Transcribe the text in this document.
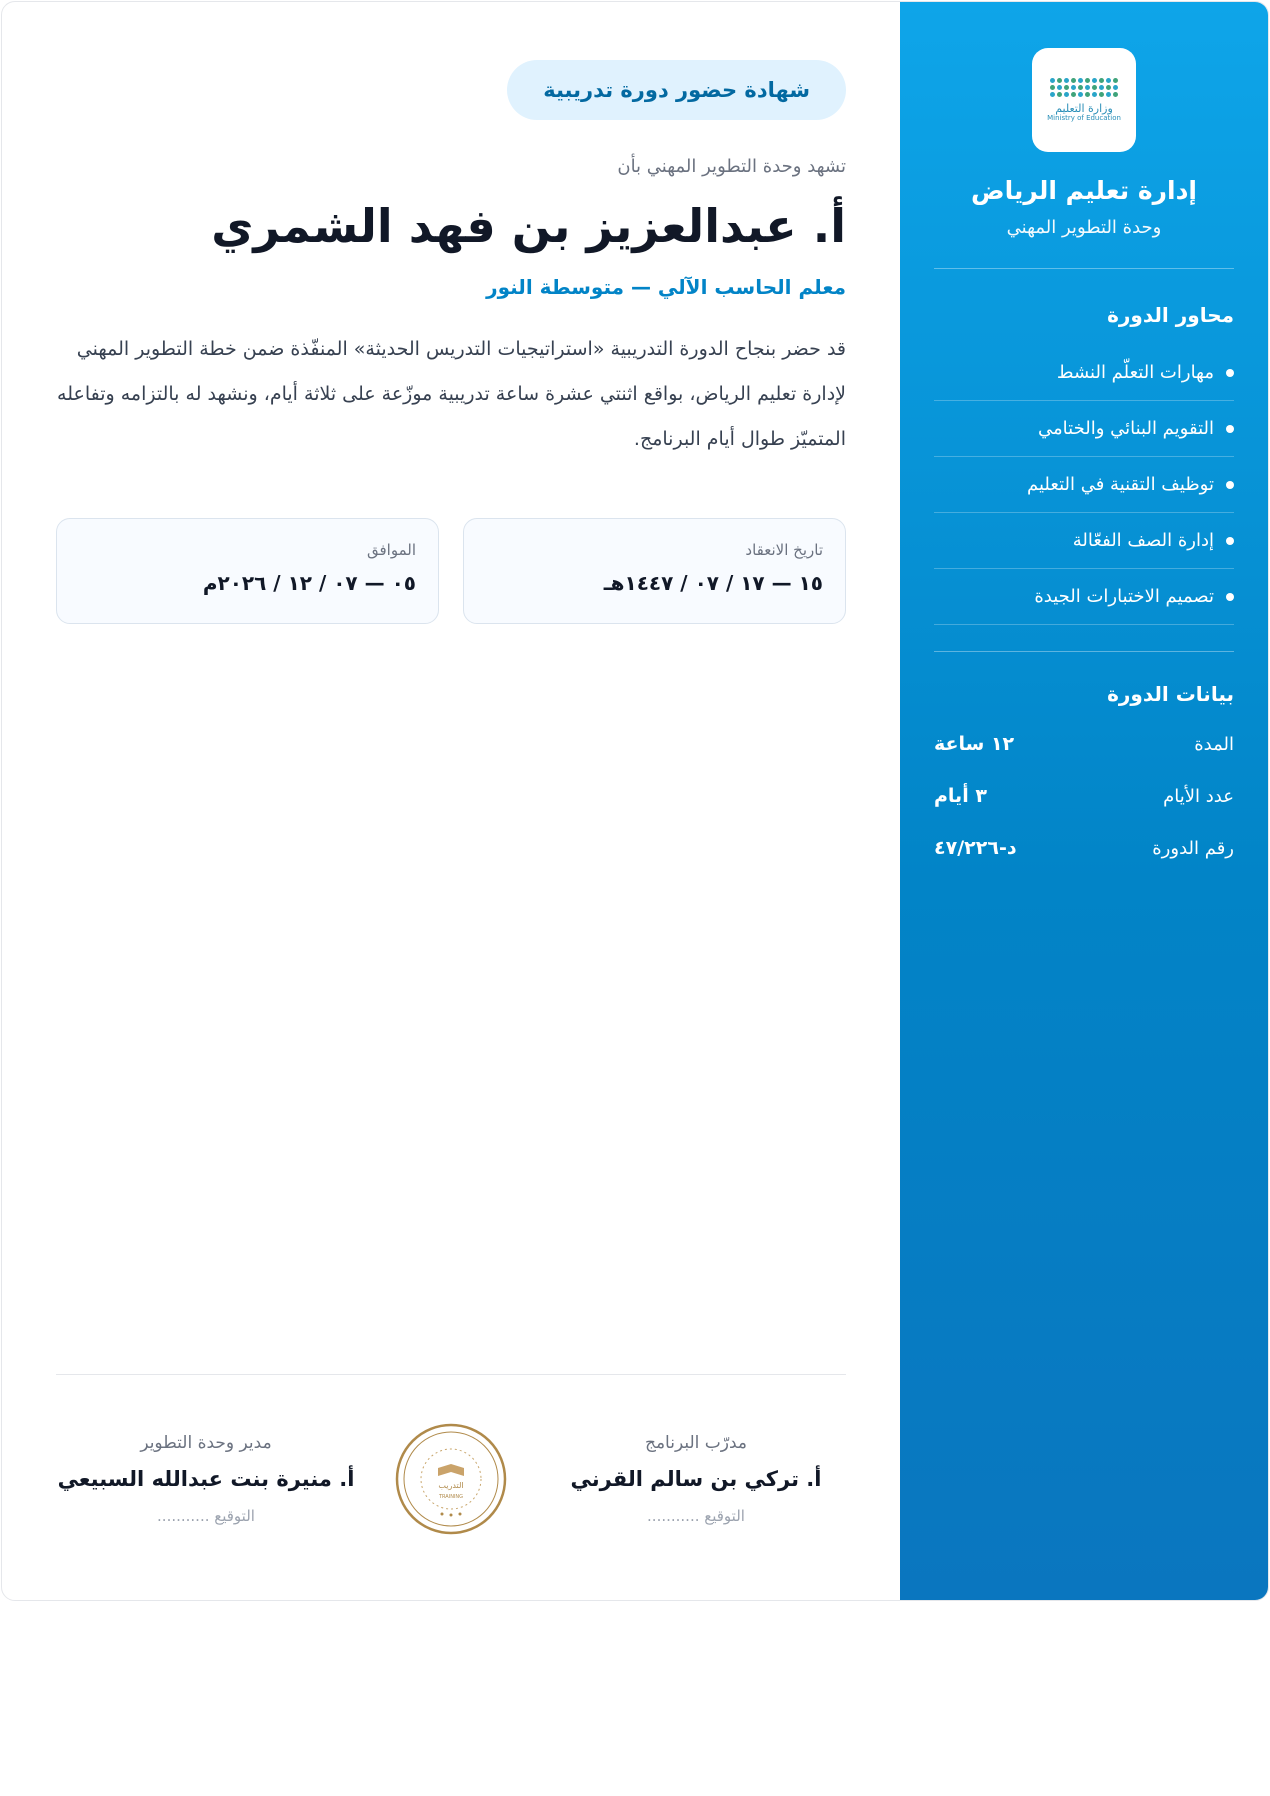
وزارة التعليم
Ministry of Education
إدارة تعليم الرياض
وحدة التطوير المهني
محاور الدورة
مهارات التعلّم النشط
التقويم البنائي والختامي
توظيف التقنية في التعليم
إدارة الصف الفعّالة
تصميم الاختبارات الجيدة
بيانات الدورة
المدة
١٢ ساعة
عدد الأيام
٣ أيام
رقم الدورة
د-٤٧/٢٢٦
شهادة حضور دورة تدريبية
تشهد وحدة التطوير المهني بأن
أ. عبدالعزيز بن فهد الشمري
معلم الحاسب الآلي — متوسطة النور
قد حضر بنجاح الدورة التدريبية «استراتيجيات التدريس الحديثة» المنفّذة ضمن خطة التطوير المهني لإدارة تعليم الرياض، بواقع اثنتي عشرة ساعة تدريبية موزّعة على ثلاثة أيام، ونشهد له بالتزامه وتفاعله المتميّز طوال أيام البرنامج.
تاريخ الانعقاد
١٥ — ١٧ / ٠٧ / ١٤٤٧هـ
الموافق
٠٥ — ٠٧ / ١٢ / ٢٠٢٦م
مدرّب البرنامج
أ. تركي بن سالم القرني
التوقيع ...........
التدريب
TRAINING
مدير وحدة التطوير
أ. منيرة بنت عبدالله السبيعي
التوقيع ...........
